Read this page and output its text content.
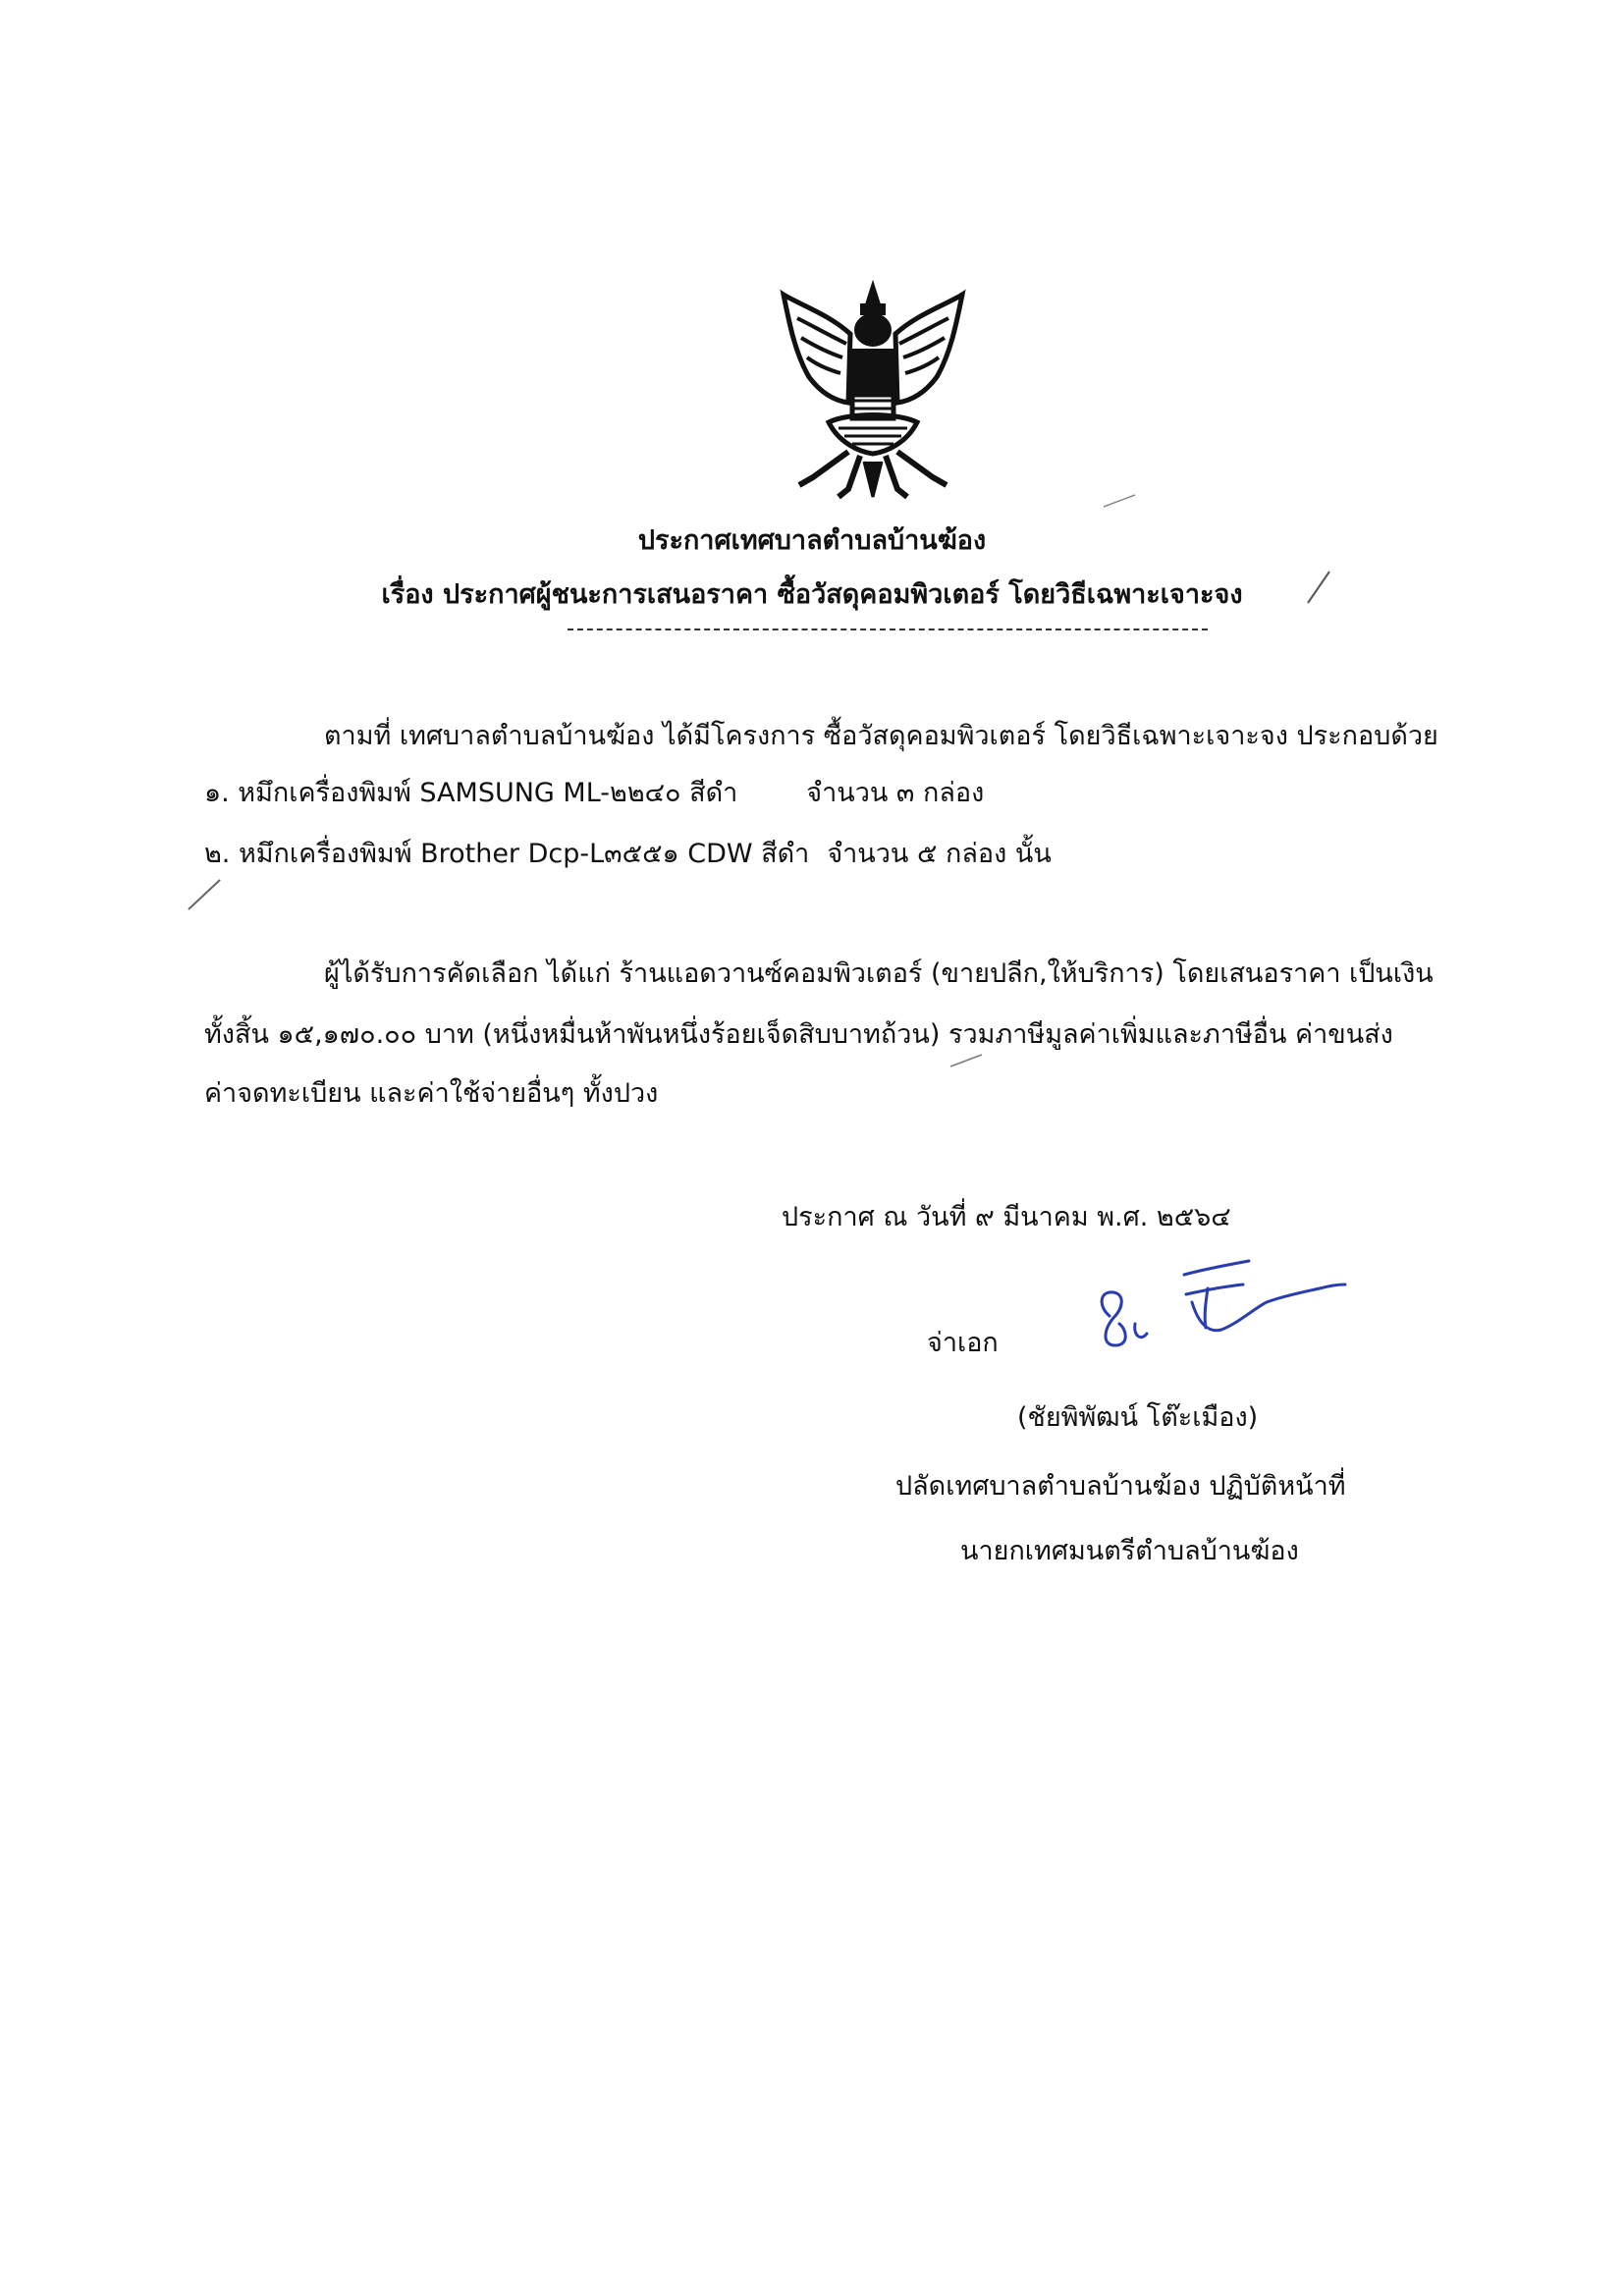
ประกาศเทศบาลตำบลบ้านฆ้อง
เรื่อง ประกาศผู้ชนะการเสนอราคา ซื้อวัสดุคอมพิวเตอร์ โดยวิธีเฉพาะเจาะจง
ตามที่ เทศบาลตำบลบ้านฆ้อง ได้มีโครงการ ซื้อวัสดุคอมพิวเตอร์ โดยวิธีเฉพาะเจาะจง ประกอบด้วย
๑. หมึกเครื่องพิมพ์ SAMSUNG ML-๒๒๔๐ สีดำ	จำนวน ๓ กล่อง
๒. หมึกเครื่องพิมพ์ Brother Dcp-L๓๕๕๑ CDW สีดำ จำนวน ๕ กล่อง นั้น
ผู้ได้รับการคัดเลือก ได้แก่ ร้านแอดวานซ์คอมพิวเตอร์ (ขายปลีก,ให้บริการ) โดยเสนอราคา เป็นเงิน
ทั้งสิ้น ๑๕,๑๗๐.๐๐ บาท (หนึ่งหมื่นห้าพันหนึ่งร้อยเจ็ดสิบบาทถ้วน) รวมภาษีมูลค่าเพิ่มและภาษีอื่น ค่าขนส่ง
ค่าจดทะเบียน และค่าใช้จ่ายอื่นๆ ทั้งปวง
ประกาศ ณ วันที่ ๙ มีนาคม พ.ศ. ๒๕๖๔
จ่าเอก
(ชัยพิพัฒน์ โต๊ะเมือง)
ปลัดเทศบาลตำบลบ้านฆ้อง ปฏิบัติหน้าที่
นายกเทศมนตรีตำบลบ้านฆ้อง
